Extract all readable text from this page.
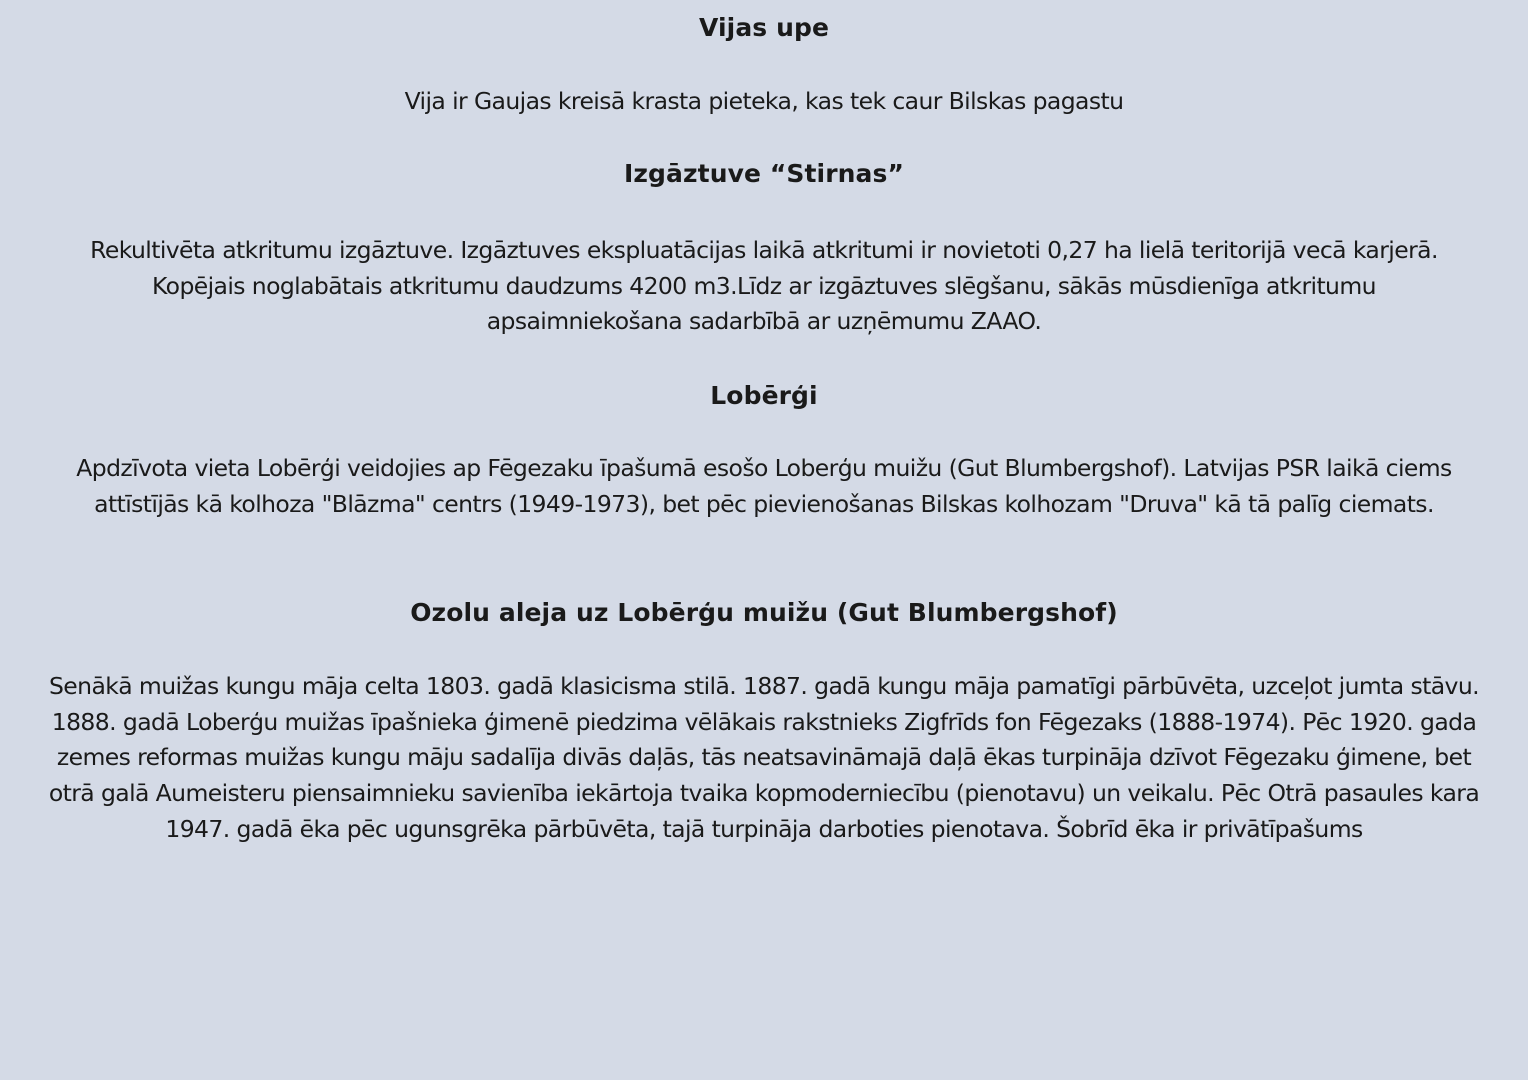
Vijas upe

Vija ir Gaujas kreisā krasta pieteka, kas tek caur Bilskas pagastu

Izgāztuve “Stirnas”

Rekultivēta atkritumu izgāztuve. Izgāztuves ekspluatācijas laikā atkritumi ir novietoti 0,27 ha lielā teritorijā vecā karjerā. Kopējais noglabātais atkritumu daudzums 4200 m3.Līdz ar izgāztuves slēgšanu, sākās mūsdienīga atkritumu apsaimniekošana sadarbībā ar uzņēmumu ZAAO.

Lobērģi

Apdzīvota vieta Lobērģi veidojies ap Fēgezaku īpašumā esošo Loberģu muižu (Gut Blumbergshof). Latvijas PSR laikā ciems attīstījās kā kolhoza "Blāzma" centrs (1949-1973), bet pēc pievienošanas Bilskas kolhozam "Druva" kā tā palīg ciemats.

Ozolu aleja uz Lobērģu muižu (Gut Blumbergshof)

Senākā muižas kungu māja celta 1803. gadā klasicisma stilā. 1887. gadā kungu māja pamatīgi pārbūvēta, uzceļot jumta stāvu. 1888. gadā Loberģu muižas īpašnieka ģimenē piedzima vēlākais rakstnieks Zigfrīds fon Fēgezaks (1888-1974). Pēc 1920. gada zemes reformas muižas kungu māju sadalīja divās daļās, tās neatsavināmajā daļā ēkas turpināja dzīvot Fēgezaku ģimene, bet otrā galā Aumeisteru piensaimnieku savienība iekārtoja tvaika kopmoderniecību (pienotavu) un veikalu. Pēc Otrā pasaules kara 1947. gadā ēka pēc ugunsgrēka pārbūvēta, tajā turpināja darboties pienotava. Šobrīd ēka ir privātīpašums
